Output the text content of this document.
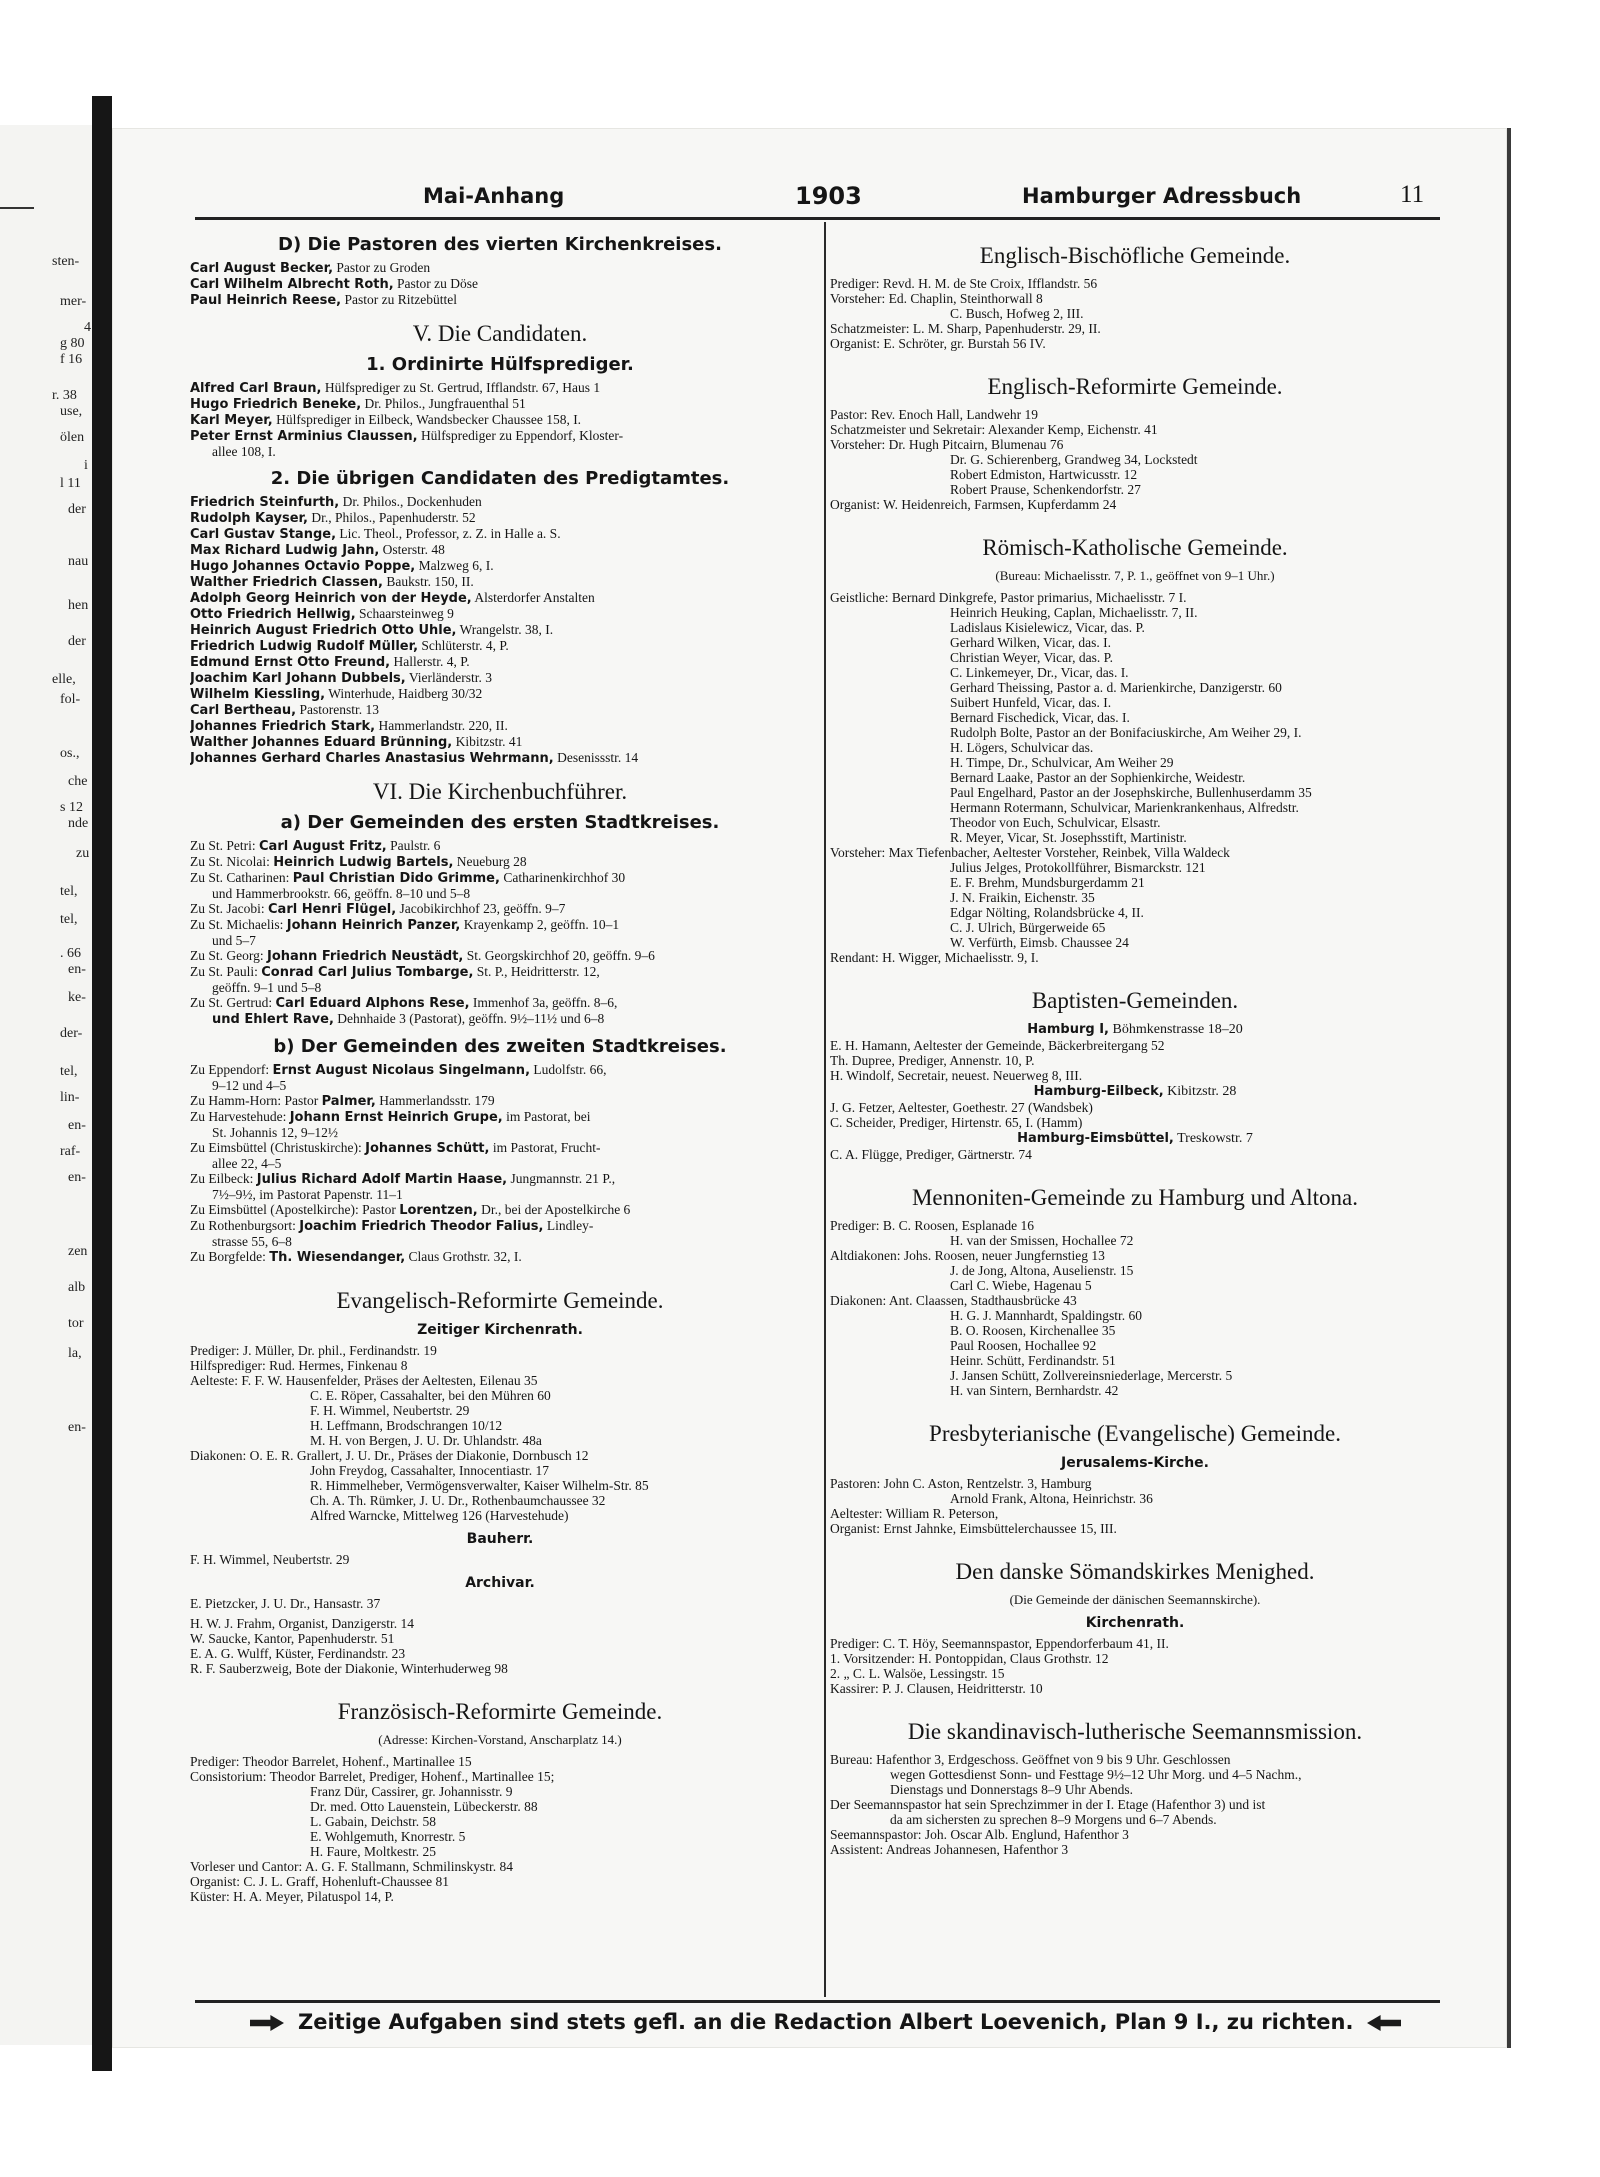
sten-
mer-
4
g 80
f 16
r. 38
use,
ölen
i
l 11
der
nau
hen
der
elle,
fol-
os.,
che
s 12
nde
zu
tel,
tel,
. 66
en-
ke-
der-
tel,
lin-
en-
raf-
en-
zen
alb
tor
la,
en-
Mai-Anhang	1903	Hamburger Adressbuch	11
D) Die Pastoren des vierten Kirchenkreises.
Carl August Becker, Pastor zu Groden
Carl Wilhelm Albrecht Roth, Pastor zu Döse
Paul Heinrich Reese, Pastor zu Ritzebüttel
V. Die Candidaten.
1. Ordinirte Hülfsprediger.
Alfred Carl Braun, Hülfsprediger zu St. Gertrud, Ifflandstr. 67, Haus 1
Hugo Friedrich Beneke, Dr. Philos., Jungfrauenthal 51
Karl Meyer, Hülfsprediger in Eilbeck, Wandsbecker Chaussee 158, I.
Peter Ernst Arminius Claussen, Hülfsprediger zu Eppendorf, Kloster-
allee 108, I.
2. Die übrigen Candidaten des Predigtamtes.
Friedrich Steinfurth, Dr. Philos., Dockenhuden
Rudolph Kayser, Dr., Philos., Papenhuderstr. 52
Carl Gustav Stange, Lic. Theol., Professor, z. Z. in Halle a. S.
Max Richard Ludwig Jahn, Osterstr. 48
Hugo Johannes Octavio Poppe, Malzweg 6, I.
Walther Friedrich Classen, Baukstr. 150, II.
Adolph Georg Heinrich von der Heyde, Alsterdorfer Anstalten
Otto Friedrich Hellwig, Schaarsteinweg 9
Heinrich August Friedrich Otto Uhle, Wrangelstr. 38, I.
Friedrich Ludwig Rudolf Müller, Schlüterstr. 4, P.
Edmund Ernst Otto Freund, Hallerstr. 4, P.
Joachim Karl Johann Dubbels, Vierländerstr. 3
Wilhelm Kiessling, Winterhude, Haidberg 30/32
Carl Bertheau, Pastorenstr. 13
Johannes Friedrich Stark, Hammerlandstr. 220, II.
Walther Johannes Eduard Brünning, Kibitzstr. 41
Johannes Gerhard Charles Anastasius Wehrmann, Desenissstr. 14
VI. Die Kirchenbuchführer.
a) Der Gemeinden des ersten Stadtkreises.
Zu St. Petri: Carl August Fritz, Paulstr. 6
Zu St. Nicolai: Heinrich Ludwig Bartels, Neueburg 28
Zu St. Catharinen: Paul Christian Dido Grimme, Catharinenkirchhof 30
und Hammerbrookstr. 66, geöffn. 8–10 und 5–8
Zu St. Jacobi: Carl Henri Flügel, Jacobikirchhof 23, geöffn. 9–7
Zu St. Michaelis: Johann Heinrich Panzer, Krayenkamp 2, geöffn. 10–1
und 5–7
Zu St. Georg: Johann Friedrich Neustädt, St. Georgskirchhof 20, geöffn. 9–6
Zu St. Pauli: Conrad Carl Julius Tombarge, St. P., Heidritterstr. 12,
geöffn. 9–1 und 5–8
Zu St. Gertrud: Carl Eduard Alphons Rese, Immenhof 3a, geöffn. 8–6,
und Ehlert Rave, Dehnhaide 3 (Pastorat), geöffn. 9½–11½ und 6–8
b) Der Gemeinden des zweiten Stadtkreises.
Zu Eppendorf: Ernst August Nicolaus Singelmann, Ludolfstr. 66,
9–12 und 4–5
Zu Hamm-Horn: Pastor Palmer, Hammerlandsstr. 179
Zu Harvestehude: Johann Ernst Heinrich Grupe, im Pastorat, bei
St. Johannis 12, 9–12½
Zu Eimsbüttel (Christuskirche): Johannes Schütt, im Pastorat, Frucht-
allee 22, 4–5
Zu Eilbeck: Julius Richard Adolf Martin Haase, Jungmannstr. 21 P.,
7½–9½, im Pastorat Papenstr. 11–1
Zu Eimsbüttel (Apostelkirche): Pastor Lorentzen, Dr., bei der Apostelkirche 6
Zu Rothenburgsort: Joachim Friedrich Theodor Falius, Lindley-
strasse 55, 6–8
Zu Borgfelde: Th. Wiesendanger, Claus Grothstr. 32, I.
Evangelisch-Reformirte Gemeinde.
Zeitiger Kirchenrath.
Prediger: J. Müller, Dr. phil., Ferdinandstr. 19
Hilfsprediger: Rud. Hermes, Finkenau 8
Aelteste: F. F. W. Hausenfelder, Präses der Aeltesten, Eilenau 35
C. E. Röper, Cassahalter, bei den Mühren 60
F. H. Wimmel, Neubertstr. 29
H. Leffmann, Brodschrangen 10/12
M. H. von Bergen, J. U. Dr. Uhlandstr. 48a
Diakonen: O. E. R. Grallert, J. U. Dr., Präses der Diakonie, Dornbusch 12
John Freydog, Cassahalter, Innocentiastr. 17
R. Himmelheber, Vermögensverwalter, Kaiser Wilhelm-Str. 85
Ch. A. Th. Rümker, J. U. Dr., Rothenbaumchaussee 32
Alfred Warncke, Mittelweg 126 (Harvestehude)
Bauherr.
F. H. Wimmel, Neubertstr. 29
Archivar.
E. Pietzcker, J. U. Dr., Hansastr. 37
H. W. J. Frahm, Organist, Danzigerstr. 14
W. Saucke, Kantor, Papenhuderstr. 51
E. A. G. Wulff, Küster, Ferdinandstr. 23
R. F. Sauberzweig, Bote der Diakonie, Winterhuderweg 98
Französisch-Reformirte Gemeinde.
(Adresse: Kirchen-Vorstand, Anscharplatz 14.)
Prediger: Theodor Barrelet, Hohenf., Martinallee 15
Consistorium: Theodor Barrelet, Prediger, Hohenf., Martinallee 15;
Franz Dür, Cassirer, gr. Johannisstr. 9
Dr. med. Otto Lauenstein, Lübeckerstr. 88
L. Gabain, Deichstr. 58
E. Wohlgemuth, Knorrestr. 5
H. Faure, Moltkestr. 25
Vorleser und Cantor: A. G. F. Stallmann, Schmilinskystr. 84
Organist: C. J. L. Graff, Hohenluft-Chaussee 81
Küster: H. A. Meyer, Pilatuspol 14, P.
Englisch-Bischöfliche Gemeinde.
Prediger: Revd. H. M. de Ste Croix, Ifflandstr. 56
Vorsteher: Ed. Chaplin, Steinthorwall 8
C. Busch, Hofweg 2, III.
Schatzmeister: L. M. Sharp, Papenhuderstr. 29, II.
Organist: E. Schröter, gr. Burstah 56 IV.
Englisch-Reformirte Gemeinde.
Pastor: Rev. Enoch Hall, Landwehr 19
Schatzmeister und Sekretair: Alexander Kemp, Eichenstr. 41
Vorsteher: Dr. Hugh Pitcairn, Blumenau 76
Dr. G. Schierenberg, Grandweg 34, Lockstedt
Robert Edmiston, Hartwicusstr. 12
Robert Prause, Schenkendorfstr. 27
Organist: W. Heidenreich, Farmsen, Kupferdamm 24
Römisch-Katholische Gemeinde.
(Bureau: Michaelisstr. 7, P. 1., geöffnet von 9–1 Uhr.)
Geistliche: Bernard Dinkgrefe, Pastor primarius, Michaelisstr. 7 I.
Heinrich Heuking, Caplan, Michaelisstr. 7, II.
Ladislaus Kisielewicz, Vicar, das. P.
Gerhard Wilken, Vicar, das. I.
Christian Weyer, Vicar, das. P.
C. Linkemeyer, Dr., Vicar, das. I.
Gerhard Theissing, Pastor a. d. Marienkirche, Danzigerstr. 60
Suibert Hunfeld, Vicar, das. I.
Bernard Fischedick, Vicar, das. I.
Rudolph Bolte, Pastor an der Bonifaciuskirche, Am Weiher 29, I.
H. Lögers, Schulvicar das.
H. Timpe, Dr., Schulvicar, Am Weiher 29
Bernard Laake, Pastor an der Sophienkirche, Weidestr.
Paul Engelhard, Pastor an der Josephskirche, Bullenhuserdamm 35
Hermann Rotermann, Schulvicar, Marienkrankenhaus, Alfredstr.
Theodor von Euch, Schulvicar, Elsastr.
R. Meyer, Vicar, St. Josephsstift, Martinistr.
Vorsteher: Max Tiefenbacher, Aeltester Vorsteher, Reinbek, Villa Waldeck
Julius Jelges, Protokollführer, Bismarckstr. 121
E. F. Brehm, Mundsburgerdamm 21
J. N. Fraikin, Eichenstr. 35
Edgar Nölting, Rolandsbrücke 4, II.
C. J. Ulrich, Bürgerweide 65
W. Verfürth, Eimsb. Chaussee 24
Rendant: H. Wigger, Michaelisstr. 9, I.
Baptisten-Gemeinden.
Hamburg I, Böhmkenstrasse 18–20
E. H. Hamann, Aeltester der Gemeinde, Bäckerbreitergang 52
Th. Dupree, Prediger, Annenstr. 10, P.
H. Windolf, Secretair, neuest. Neuerweg 8, III.
Hamburg-Eilbeck, Kibitzstr. 28
J. G. Fetzer, Aeltester, Goethestr. 27 (Wandsbek)
C. Scheider, Prediger, Hirtenstr. 65, I. (Hamm)
Hamburg-Eimsbüttel, Treskowstr. 7
C. A. Flügge, Prediger, Gärtnerstr. 74
Mennoniten-Gemeinde zu Hamburg und Altona.
Prediger: B. C. Roosen, Esplanade 16
H. van der Smissen, Hochallee 72
Altdiakonen: Johs. Roosen, neuer Jungfernstieg 13
J. de Jong, Altona, Auselienstr. 15
Carl C. Wiebe, Hagenau 5
Diakonen: Ant. Claassen, Stadthausbrücke 43
H. G. J. Mannhardt, Spaldingstr. 60
B. O. Roosen, Kirchenallee 35
Paul Roosen, Hochallee 92
Heinr. Schütt, Ferdinandstr. 51
J. Jansen Schütt, Zollvereinsniederlage, Mercerstr. 5
H. van Sintern, Bernhardstr. 42
Presbyterianische (Evangelische) Gemeinde.
Jerusalems-Kirche.
Pastoren: John C. Aston, Rentzelstr. 3, Hamburg
Arnold Frank, Altona, Heinrichstr. 36
Aeltester: William R. Peterson,
Organist: Ernst Jahnke, Eimsbüttelerchaussee 15, III.
Den danske Sömandskirkes Menighed.
(Die Gemeinde der dänischen Seemannskirche).
Kirchenrath.
Prediger: C. T. Höy, Seemannspastor, Eppendorferbaum 41, II.
1. Vorsitzender: H. Pontoppidan, Claus Grothstr. 12
2. „ C. L. Walsöe, Lessingstr. 15
Kassirer: P. J. Clausen, Heidritterstr. 10
Die skandinavisch-lutherische Seemannsmission.
Bureau: Hafenthor 3, Erdgeschoss. Geöffnet von 9 bis 9 Uhr. Geschlossen
wegen Gottesdienst Sonn- und Festtage 9½–12 Uhr Morg. und 4–5 Nachm.,
Dienstags und Donnerstags 8–9 Uhr Abends.
Der Seemannspastor hat sein Sprechzimmer in der I. Etage (Hafenthor 3) und ist
da am sichersten zu sprechen 8–9 Morgens und 6–7 Abends.
Seemannspastor: Joh. Oscar Alb. Englund, Hafenthor 3
Assistent: Andreas Johannesen, Hafenthor 3
Zeitige Aufgaben sind stets gefl. an die Redaction Albert Loevenich, Plan 9 I., zu richten.
